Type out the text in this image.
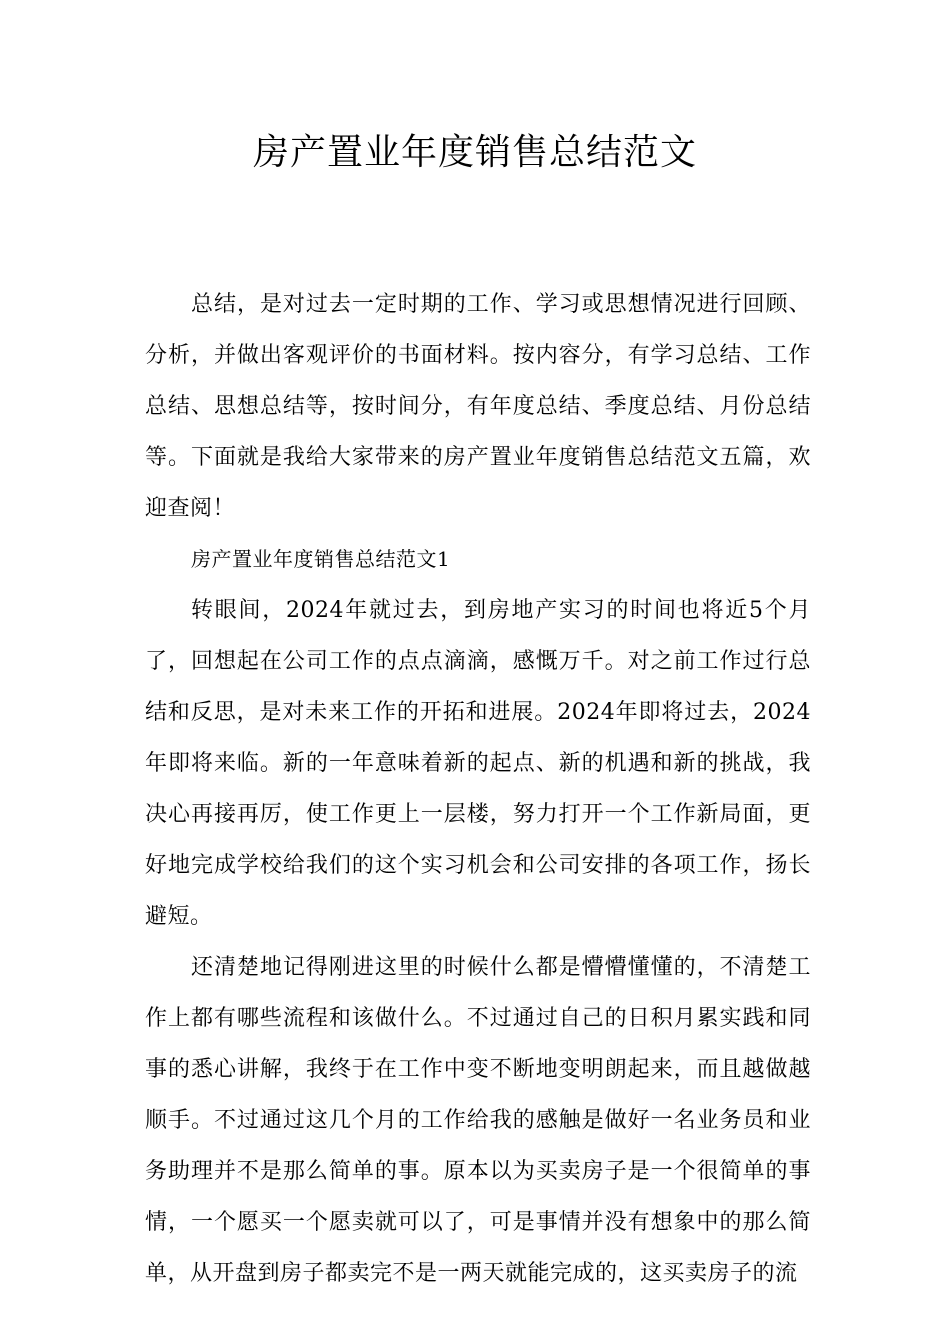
房产置业年度销售总结范文

总结，是对过去一定时期的工作、学习或思想情况进行回顾、分析，并做出客观评价的书面材料。按内容分，有学习总结、工作总结、思想总结等，按时间分，有年度总结、季度总结、月份总结等。下面就是我给大家带来的房产置业年度销售总结范文五篇，欢迎查阅！

房产置业年度销售总结范文1

转眼间，2024年就过去，到房地产实习的时间也将近5个月了，回想起在公司工作的点点滴滴，感慨万千。对之前工作过行总结和反思，是对未来工作的开拓和进展。2024年即将过去，2024年即将来临。新的一年意味着新的起点、新的机遇和新的挑战，我决心再接再厉，使工作更上一层楼，努力打开一个工作新局面，更好地完成学校给我们的这个实习机会和公司安排的各项工作，扬长避短。

还清楚地记得刚进这里的时候什么都是懵懵懂懂的，不清楚工作上都有哪些流程和该做什么。不过通过自己的日积月累实践和同事的悉心讲解，我终于在工作中变不断地变明朗起来，而且越做越顺手。不过通过这几个月的工作给我的感触是做好一名业务员和业务助理并不是那么简单的事。原本以为买卖房子是一个很简单的事情，一个愿买一个愿卖就可以了，可是事情并没有想象中的那么简单，从开盘到房子都卖完不是一两天就能完成的，这买卖房子的流
